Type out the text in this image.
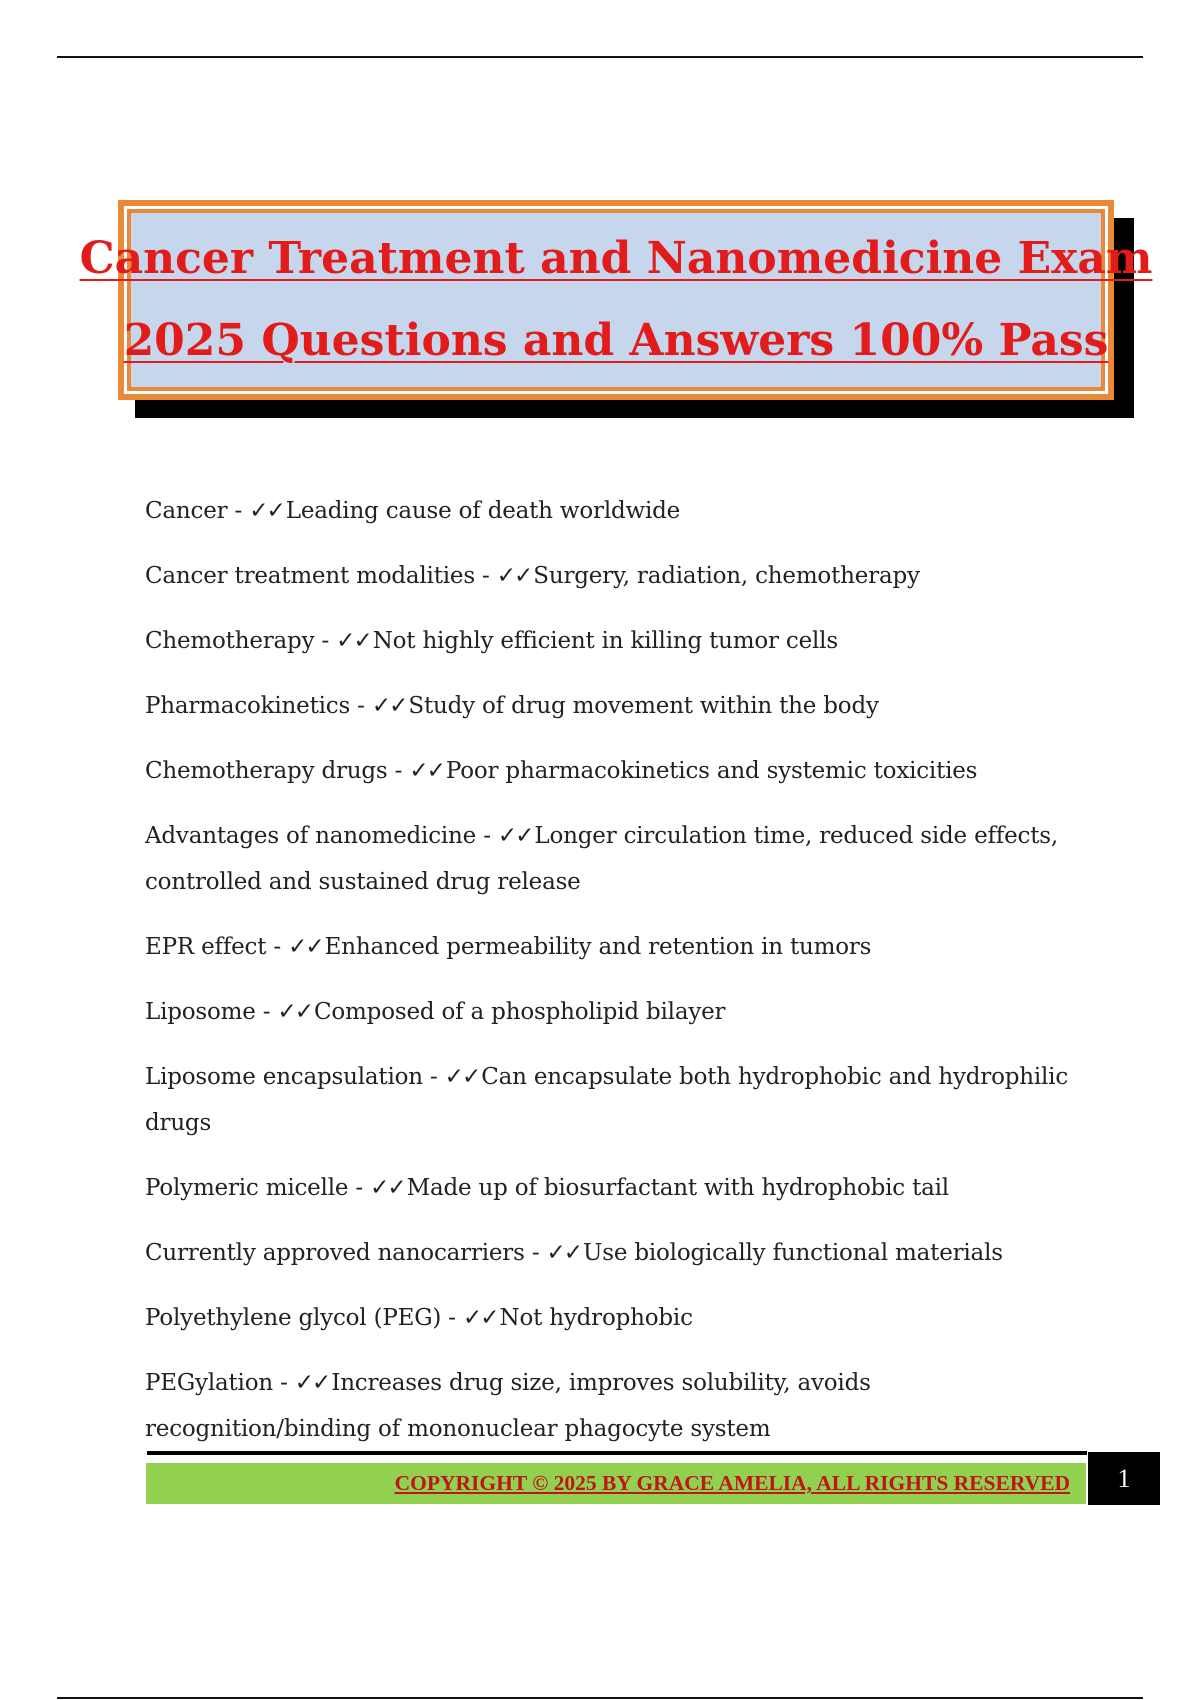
Cancer Treatment and Nanomedicine Exam
2025 Questions and Answers 100% Pass
Cancer - ✓✓Leading cause of death worldwide
Cancer treatment modalities - ✓✓Surgery, radiation, chemotherapy
Chemotherapy - ✓✓Not highly efficient in killing tumor cells
Pharmacokinetics - ✓✓Study of drug movement within the body
Chemotherapy drugs - ✓✓Poor pharmacokinetics and systemic toxicities
Advantages of nanomedicine - ✓✓Longer circulation time, reduced side effects, controlled and sustained drug release
EPR effect - ✓✓Enhanced permeability and retention in tumors
Liposome - ✓✓Composed of a phospholipid bilayer
Liposome encapsulation - ✓✓Can encapsulate both hydrophobic and hydrophilic drugs
Polymeric micelle - ✓✓Made up of biosurfactant with hydrophobic tail
Currently approved nanocarriers - ✓✓Use biologically functional materials
Polyethylene glycol (PEG) - ✓✓Not hydrophobic
PEGylation - ✓✓Increases drug size, improves solubility, avoids recognition/binding of mononuclear phagocyte system
COPYRIGHT © 2025 BY GRACE AMELIA, ALL RIGHTS RESERVED	1
